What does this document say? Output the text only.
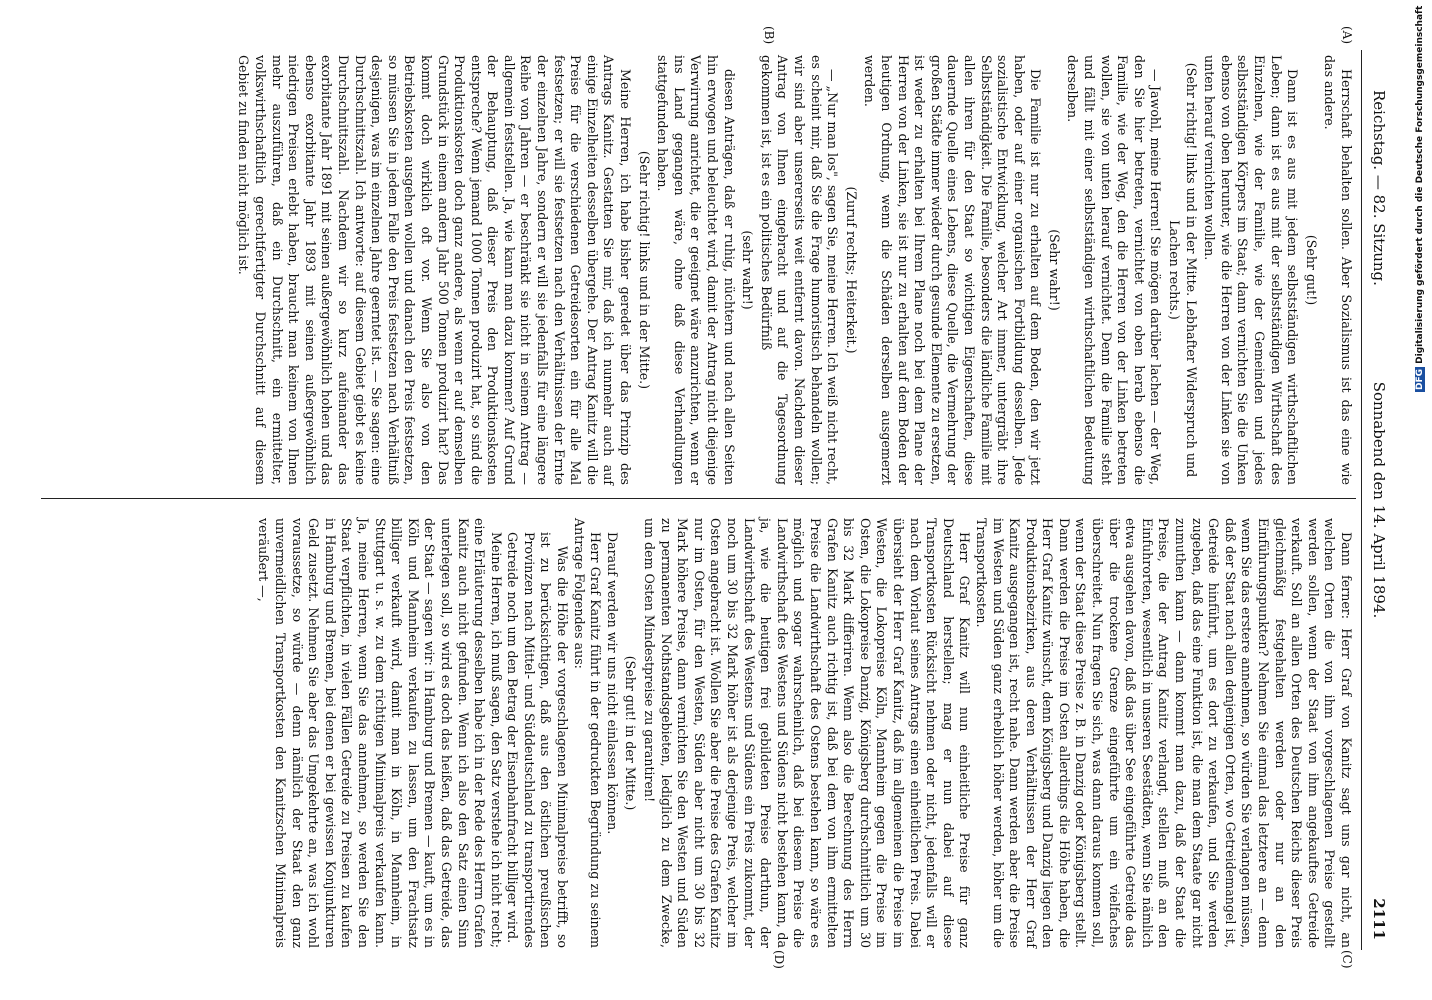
Reichstag. — 82. Sitzung.
Sonnabend den 14. April 1894.
2111
(A)
(B)
(C)
(D)

Herrschaft behalten sollen. Aber Sozialismus ist das eine wie das andere.

(Sehr gut!)

Dann ist es aus mit jedem selbstständigen wirthschaftlichen Leben; dann ist es aus mit der selbstständigen Wirthschaft des Einzelnen, wie der Familie, wie der Gemeinden und jedes selbstständigen Körpers im Staat; dann vernichten Sie die Unken ebenso von oben herunter, wie die Herren von der Linken sie von unten herauf vernichten wollen.

(Sehr richtig! links und in der Mitte. Lebhafter Widerspruch und Lachen rechts.)

— Jawohl, meine Herren! Sie mögen darüber lachen — der Weg, den Sie hier betreten, vernichtet von oben herab ebenso die Familie, wie der Weg, den die Herren von der Linken betreten wollen, sie von unten herauf vernichtet. Denn die Familie steht und fällt mit einer selbstständigen wirthschaftlichen Bedeutung derselben.

(Sehr wahr!)

Die Familie ist nur zu erhalten auf dem Boden, den wir jetzt haben, oder auf einer organischen Fortbildung desselben. Jede sozialistische Entwicklung, welcher Art immer, untergräbt ihre Selbstständigkeit. Die Familie, besonders die ländliche Familie mit allen ihren für den Staat so wichtigen Eigenschaften, diese dauernde Quelle eines Lebens, diese Quelle, die Vermehrung der großen Städte immer wieder durch gesunde Elemente zu ersetzen, ist weder zu erhalten bei Ihrem Plane noch bei dem Plane der Herren von der Linken, sie ist nur zu erhalten auf dem Boden der heutigen Ordnung, wenn die Schäden derselben ausgemerzt werden.

(Zuruf rechts; Heiterkeit.)

— „Nur man los", sagen Sie, meine Herren. Ich weiß nicht recht, es scheint mir, daß Sie die Frage humoristisch behandeln wollen; wir sind aber unsererseits weit entfernt davon. Nachdem dieser Antrag von Ihnen eingebracht und auf die Tagesordnung gekommen ist, ist es ein politisches Bedürfniß

(sehr wahr!)

diesen Anträgen, daß er ruhig, nüchtern und nach allen Seiten hin erwogen und beleuchtet wird, damit der Antrag nicht diejenige Verwirrung anrichtet, die er geeignet wäre anzurichten, wenn er ins Land gegangen wäre, ohne daß diese Verhandlungen stattgefunden haben.

(Sehr richtig! links und in der Mitte.)

Meine Herren, ich habe bisher geredet über das Prinzip des Antrags Kanitz. Gestatten Sie mir, daß ich nunmehr auch auf einige Einzelheiten desselben übergehe. Der Antrag Kanitz will die Preise für die verschiedenen Getreidesorten ein für alle Mal festsetzen; er will sie festsetzen nach den Verhältnissen der Ernte der einzelnen Jahre, sondern er will sie jedenfalls für eine längere Reihe von Jahren — er beschränkt sie nicht in seinem Antrag — allgemein feststellen. Ja, wie kann man dazu kommen? Auf Grund der Behauptung, daß dieser Preis den Produktionskosten entspreche? Wenn jemand 1000 Tonnen produzirt hat, so sind die Produktionskosten doch ganz andere, als wenn er auf demselben Grundstück in einem andern Jahr 500 Tonnen produzirt hat? Das kommt doch wirklich oft vor. Wenn Sie also von den Betriebskosten ausgehen wollen und danach den Preis festsetzen, so müssen Sie in jedem Falle den Preis festsetzen nach Verhältniß desjenigen, was im einzelnen Jahre geerntet ist. — Sie sagen: eine Durchschnittszahl. Ich antworte: auf diesem Gebiet giebt es keine Durchschnittszahl. Nachdem wir so kurz aufeinander das exorbitante Jahr 1891 mit seinen außergewöhnlich hohen und das ebenso exorbitante Jahr 1893 mit seinen außergewöhnlich niedrigen Preisen erlebt haben, braucht man keinem von Ihnen mehr auszuführen, daß ein Durchschnitt, ein ermittelter, volkswirthschaftlich gerechtfertigter Durchschnitt auf diesem Gebiet zu finden nicht möglich ist.

Dann ferner: Herr Graf von Kanitz sagt uns gar nicht, an welchen Orten die von ihm vorgeschlagenen Preise gestellt werden sollen, wenn der Staat von ihm angekauftes Getreide verkauft. Soll an allen Orten des Deutschen Reichs dieser Preis gleichmäßig festgehalten werden oder nur an den Einführungspunkten? Nehmen Sie einmal das letztere an — denn wenn Sie das erstere annehmen, so würden Sie verlangen müssen, daß der Staat nach allen denjenigen Orten, wo Getreidemangel ist, Getreide hinführt, um es dort zu verkaufen, und Sie werden zugeben, daß das eine Funktion ist, die man dem Staate gar nicht zumuthen kann — dann kommt man dazu, daß der Staat die Preise, die der Antrag Kanitz verlangt, stellen muß an den Einfuhrorten, wesentlich in unseren Seestädten, wenn Sie nämlich etwa ausgehen davon, daß das über See eingeführte Getreide das über die trockene Grenze eingeführte um ein vielfaches überschreitet. Nun fragen Sie sich, was dann daraus kommen soll, wenn der Staat diese Preise z. B. in Danzig oder Königsberg stellt. Dann werden die Preise im Osten allerdings die Höhe haben, die Herr Graf Kanitz wünscht, denn Königsberg und Danzig liegen den Produktionsbezirken, aus deren Verhältnissen der Herr Graf Kanitz ausgegangen ist, recht nahe. Dann werden aber die Preise im Westen und Süden ganz erheblich höher werden, höher um die Transportkosten.

Herr Graf Kanitz will nun einheitliche Preise für ganz Deutschland herstellen; mag er nun dabei auf diese Transportkosten Rücksicht nehmen oder nicht, jedenfalls will er nach dem Vorlaut seines Antrags einen einheitlichen Preis. Dabei übersieht der Herr Graf Kanitz, daß im allgemeinen die Preise im Westen, die Lokopreise Köln, Mannheim gegen die Preise im Osten, die Lokopreise Danzig, Königsberg durchschnittlich um 30 bis 32 Mark differiren. Wenn also die Berechnung des Herrn Grafen Kanitz auch richtig ist, daß bei dem von ihm ermittelten Preise die Landwirthschaft des Ostens bestehen kann, so wäre es möglich und sogar wahrscheinlich, daß bei diesem Preise die Landwirthschaft des Westens und Südens nicht bestehen kann, da ja, wie die heutigen frei gebildeten Preise darthun, der Landwirthschaft des Westens und Südens ein Preis zukommt, der noch um 30 bis 32 Mark höher ist als derjenige Preis, welcher im Osten angebracht ist. Wollen Sie aber die Preise des Grafen Kanitz nur im Osten, für den Westen, Süden aber nicht um 30 bis 32 Mark höhere Preise, dann vernichten Sie den Westen und Süden zu permanenten Nothstandsgebieten, lediglich zu dem Zwecke, um dem Osten Mindestpreise zu garantiren!

(Sehr gut! in der Mitte.)

Darauf werden wir uns nicht einlassen können.

Herr Graf Kanitz führt in der gedruckten Begründung zu seinem Antrage Folgendes aus:

Was die Höhe der vorgeschlagenen Minimalpreise betrifft, so ist zu berücksichtigen, daß aus den östlichen preußischen Provinzen nach Mittel- und Süddeutschland zu transportirendes Getreide noch um den Betrag der Eisenbahnfracht billiger wird.

Meine Herren, ich muß sagen, den Satz verstehe ich nicht recht; eine Erläuterung desselben habe ich in der Rede des Herrn Grafen Kanitz auch nicht gefunden. Wenn ich also den Satz einen Sinn unterlegen soll, so wird es doch das heißen, daß das Getreide, das der Staat — sagen wir: in Hamburg und Bremen — kauft, um es in Köln und Mannheim verkaufen zu lassen, um den Frachtsatz billiger verkauft wird, damit man in Köln, in Mannheim, in Stuttgart u. s. w. zu dem richtigen Minimalpreis verkaufen kann. Ja, meine Herren, wenn Sie das annehmen, so werden Sie den Staat verpflichten, in vielen Fällen Getreide zu Preisen zu kaufen in Hamburg und Bremen, bei denen er bei gewissen Konjunkturen Geld zusetzt. Nehmen Sie aber das Umgekehrte an, was ich wohl voraussetze, so würde — denn nämlich der Staat den ganz unvermeidlichen Transportkosten den Kanitzschen Minimalpreis veräußert —,

DFG Digitalisierung gefördert durch die Deutsche Forschungsgemeinschaft
